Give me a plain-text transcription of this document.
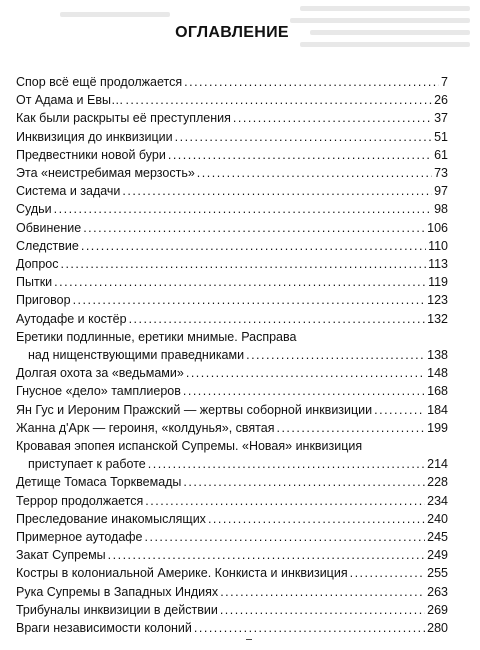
ОГЛАВЛЕНИЕ
Спор всё ещё продолжается .....	7
От Адама и Евы… .....	26
Как были раскрыты её преступления .....	37
Инквизиция до инквизиции .....	51
Предвестники новой бури .....	61
Эта «неистребимая мерзость» .....	73
Система и задачи .....	97
Судьи .....	98
Обвинение .....	106
Следствие .....	110
Допрос .....	113
Пытки .....	119
Приговор .....	123
Аутодафе и костёр .....	132
Еретики подлинные, еретики мнимые. Расправа
над нищенствующими праведниками .....	138
Долгая охота за «ведьмами» .....	148
Гнусное «дело» тамплиеров .....	168
Ян Гус и Иероним Пражский — жертвы соборной инквизиции .....	184
Жанна д'Арк — героиня, «колдунья», святая .....	199
Кровавая эпопея испанской Супремы. «Новая» инквизиция
приступает к работе .....	214
Детище Томаса Торквемады .....	228
Террор продолжается .....	234
Преследование инакомыслящих .....	240
Примерное аутодафе .....	245
Закат Супремы .....	249
Костры в колониальной Америке. Конкиста и инквизиция .....	255
Рука Супремы в Западных Индиях .....	263
Трибуналы инквизиции в действии .....	269
Враги независимости колоний .....	280
